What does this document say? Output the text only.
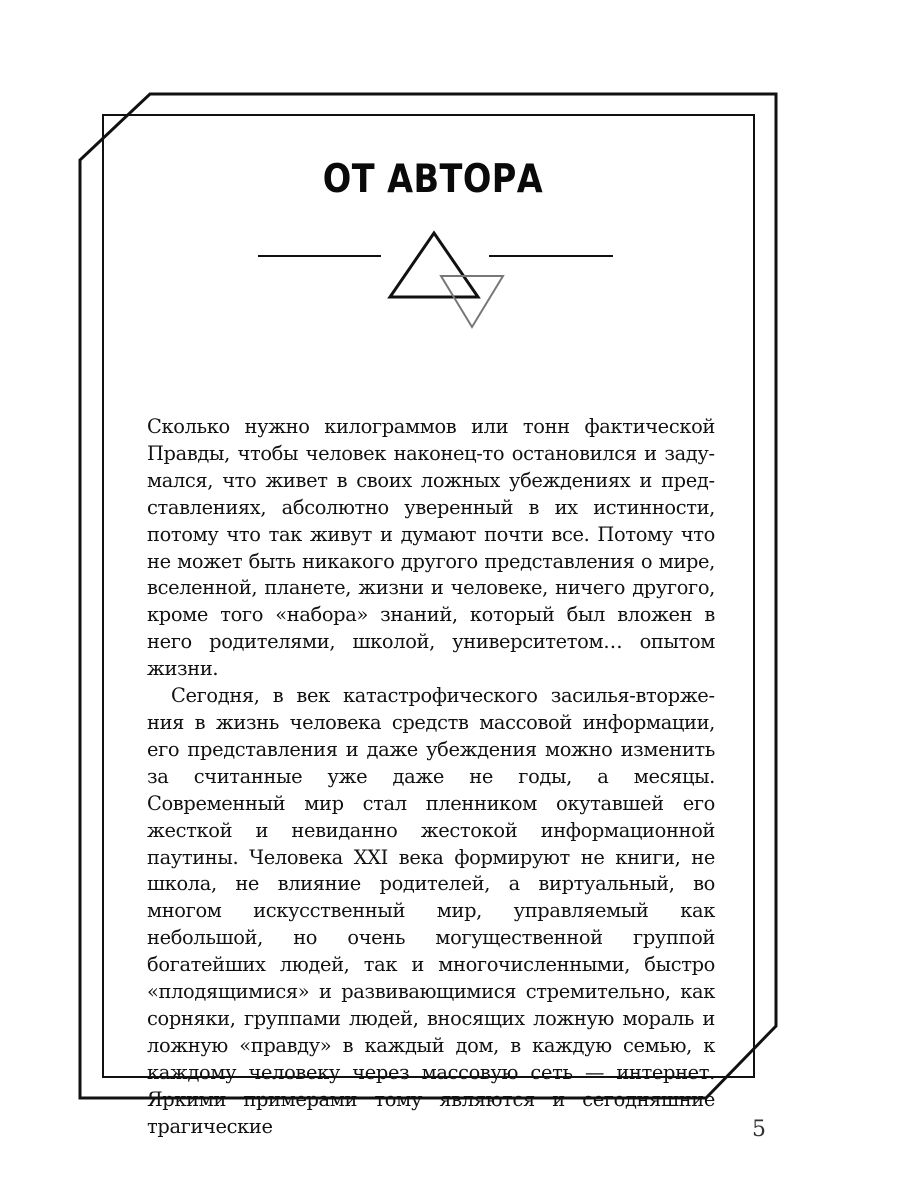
ОТ АВТОРА

Сколько нужно килограммов или тонн фактической Правды, чтобы человек наконец-то остановился и задумался, что живет в своих ложных убеждениях и представлениях, абсолютно уверенный в их истинности, потому что так живут и думают почти все. Потому что не может быть никакого другого представления о мире, вселенной, планете, жизни и человеке, ничего другого, кроме того «набора» знаний, который был вложен в него родителями, школой, университетом… опытом жизни.

Сегодня, в век катастрофического засилья-вторжения в жизнь человека средств массовой информации, его представления и даже убеждения можно изменить за считанные уже даже не годы, а месяцы. Современный мир стал пленником окутавшей его жесткой и невиданно жестокой информационной паутины. Человека XXI века формируют не книги, не школа, не влияние родителей, а виртуальный, во многом искусственный мир, управляемый как небольшой, но очень могущественной группой богатейших людей, так и многочисленными, быстро «плодящимися» и развивающимися стремительно, как сорняки, группами людей, вносящих ложную мораль и ложную «правду» в каждый дом, в каждую семью, к каждому человеку через массовую сеть — интернет. Яркими примерами тому являются и сегодняшние трагические	5
